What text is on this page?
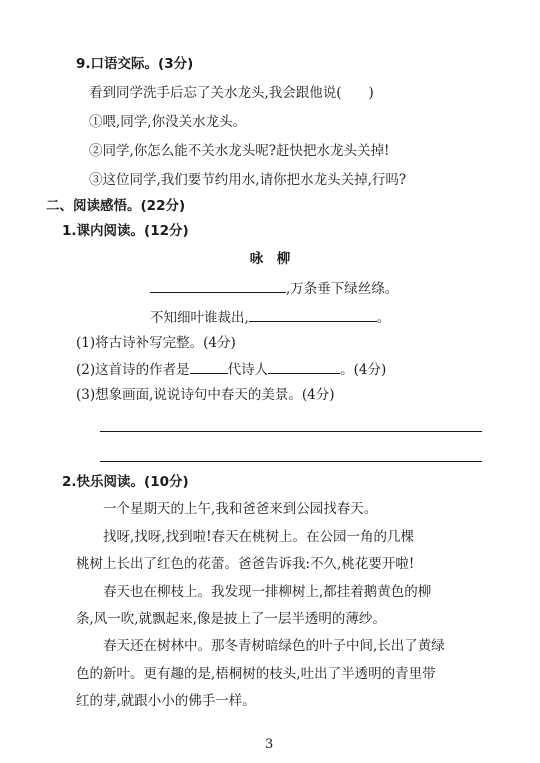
9.口语交际。(3分)
看到同学洗手后忘了关水龙头,我会跟他说(　　)
①喂,同学,你没关水龙头。
②同学,你怎么能不关水龙头呢?赶快把水龙头关掉!
③这位同学,我们要节约用水,请你把水龙头关掉,行吗?
二、阅读感悟。(22分)
1.课内阅读。(12分)
咏　柳
,万条垂下绿丝绦。
不知细叶谁裁出,	。
(1)将古诗补写完整。(4分)
(2)这首诗的作者是	代诗人	。(4分)
(3)想象画面,说说诗句中春天的美景。(4分)
2.快乐阅读。(10分)
一个星期天的上午,我和爸爸来到公园找春天。
找呀,找呀,找到啦!春天在桃树上。在公园一角的几棵
桃树上长出了红色的花蕾。爸爸告诉我:不久,桃花要开啦!
春天也在柳枝上。我发现一排柳树上,都挂着鹅黄色的柳
条,风一吹,就飘起来,像是披上了一层半透明的薄纱。
春天还在树林中。那冬青树暗绿色的叶子中间,长出了黄绿
色的新叶。更有趣的是,梧桐树的枝头,吐出了半透明的青里带
红的芽,就跟小小的佛手一样。
3
